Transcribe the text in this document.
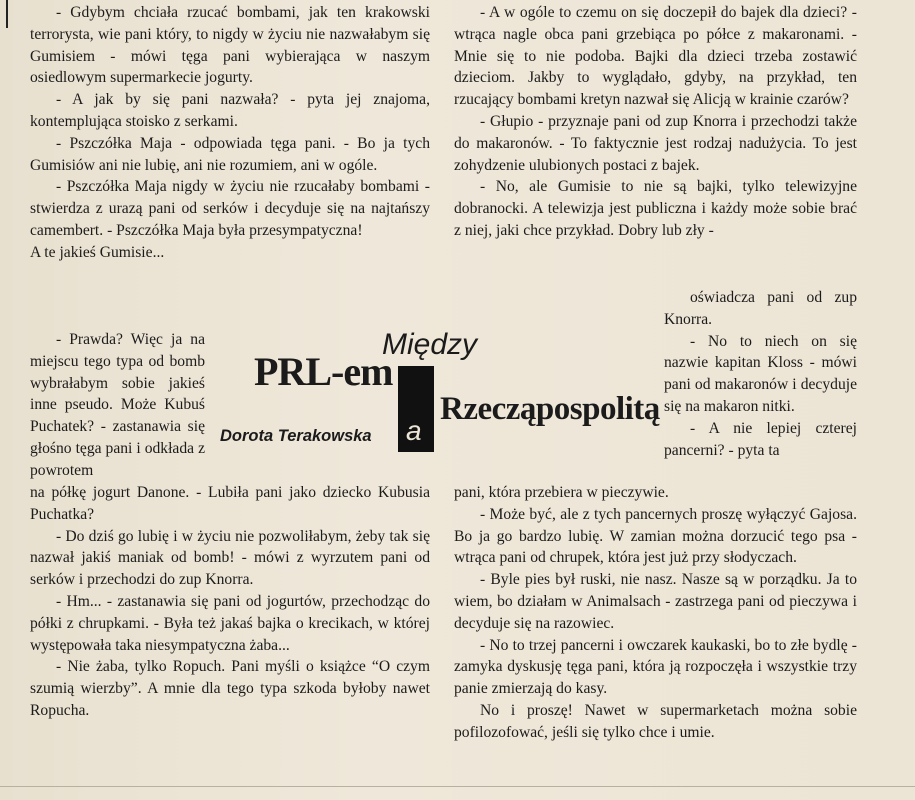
- Gdybym chciała rzucać bombami, jak ten krakowski terrorysta, wie pani który, to nigdy w życiu nie nazwałabym się Gumisiem - mówi tęga pani wybierająca w naszym osiedlowym supermarkecie jogurty.

- A jak by się pani nazwała? - pyta jej znajoma, kontemplująca stoisko z serkami.

- Pszczółka Maja - odpowiada tęga pani. - Bo ja tych Gumisiów ani nie lubię, ani nie rozumiem, ani w ogóle.

- Pszczółka Maja nigdy w życiu nie rzucałaby bombami - stwierdza z urazą pani od serków i decyduje się na najtańszy camembert. - Pszczółka Maja była przesympatyczna!

A te jakieś Gumisie...

- Prawda? Więc ja na miejscu tego typa od bomb wybrałabym sobie jakieś inne pseudo. Może Kubuś Puchatek? - zastanawia się głośno tęga pani i odkłada z powrotem

PRL-em
Między
a
Rzecząpospolitą
Dorota Terakowska

na półkę jogurt Danone. - Lubiła pani jako dziecko Kubusia Puchatka?

- Do dziś go lubię i w życiu nie pozwoliłabym, żeby tak się nazwał jakiś maniak od bomb! - mówi z wyrzutem pani od serków i przechodzi do zup Knorra.

- Hm... - zastanawia się pani od jogurtów, przechodząc do półki z chrupkami. - Była też jakaś bajka o krecikach, w której występowała taka niesympatyczna żaba...

- Nie żaba, tylko Ropuch. Pani myśli o książce “O czym szumią wierzby”. A mnie dla tego typa szkoda byłoby nawet Ropucha.

- A w ogóle to czemu on się doczepił do bajek dla dzieci? - wtrąca nagle obca pani grzebiąca po półce z makaronami. - Mnie się to nie podoba. Bajki dla dzieci trzeba zostawić dzieciom. Jakby to wyglądało, gdyby, na przykład, ten rzucający bombami kretyn nazwał się Alicją w krainie czarów?

- Głupio - przyznaje pani od zup Knorra i przechodzi także do makaronów. - To faktycznie jest rodzaj nadużycia. To jest zohydzenie ulubionych postaci z bajek.

- No, ale Gumisie to nie są bajki, tylko telewizyjne dobranocki. A telewizja jest publiczna i każdy może sobie brać z niej, jaki chce przykład. Dobry lub zły -

oświadcza pani od zup Knorra.

- No to niech on się nazwie kapitan Kloss - mówi pani od makaronów i decyduje się na makaron nitki.

- A nie lepiej czterej pancerni? - pyta ta

pani, która przebiera w pieczywie.

- Może być, ale z tych pancernych proszę wyłączyć Gajosa. Bo ja go bardzo lubię. W zamian można dorzucić tego psa - wtrąca pani od chrupek, która jest już przy słodyczach.

- Byle pies był ruski, nie nasz. Nasze są w porządku. Ja to wiem, bo działam w Animalsach - zastrzega pani od pieczywa i decyduje się na razowiec.

- No to trzej pancerni i owczarek kaukaski, bo to złe bydlę - zamyka dyskusję tęga pani, która ją rozpoczęła i wszystkie trzy panie zmierzają do kasy.

No i proszę! Nawet w supermarketach można sobie pofilozofować, jeśli się tylko chce i umie.
